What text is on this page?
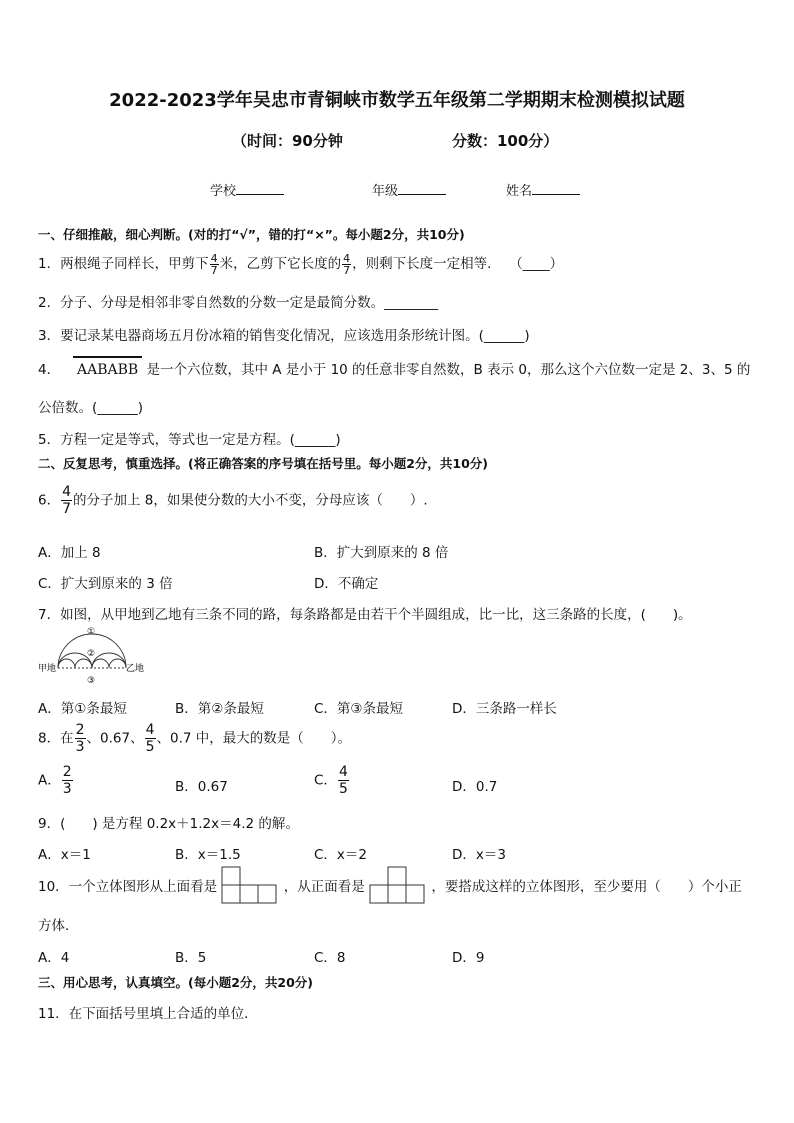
2022-2023学年吴忠市青铜峡市数学五年级第二学期期末检测模拟试题
（时间：90分钟	分数：100分）
学校	年级	姓名
一、仔细推敲，细心判断。(对的打“√”，错的打“×”。每小题2分，共10分)
1．两根绳子同样长，甲剪下 $\frac{4}{7}$ 米，乙剪下它长度的 $\frac{4}{7}$ ，则剩下长度一定相等． （____）
2．分子、分母是相邻非零自然数的分数一定是最简分数。________
3．要记录某电器商场五月份冰箱的销售变化情况，应该选用条形统计图。(______)
4． AABABB 是一个六位数，其中 A 是小于 10 的任意非零自然数，B 表示 0，那么这个六位数一定是 2、3、5 的
公倍数。(______)
5．方程一定是等式，等式也一定是方程。(______)
二、反复思考，慎重选择。(将正确答案的序号填在括号里。每小题2分，共10分)
6． $\frac{4}{7}$ 的分子加上 8，如果使分数的大小不变，分母应该（　　）.
A．加上 8	B．扩大到原来的 8 倍
C．扩大到原来的 3 倍	D．不确定
7．如图，从甲地到乙地有三条不同的路，每条路都是由若干个半圆组成，比一比，这三条路的长度，(　　)。
①
②
③
甲地	乙地
A．第①条最短	B．第②条最短	C．第③条最短	D．三条路一样长
8．在 $\frac{2}{3}$ 、0.67、 $\frac{4}{5}$ 、0.7 中，最大的数是（　　）。
A． $\frac{2}{3}$	B．0.67	C． $\frac{4}{5}$	D．0.7
9．(　　) 是方程 0.2x＋1.2x＝4.2 的解。
A．x＝1	B．x＝1.5	C．x＝2	D．x＝3
10．一个立体图形从上面看是	，从正面看是	，要搭成这样的立体图形，至少要用（　　）个小正
方体．
A．4	B．5	C．8	D．9
三、用心思考，认真填空。(每小题2分，共20分)
11．在下面括号里填上合适的单位．
